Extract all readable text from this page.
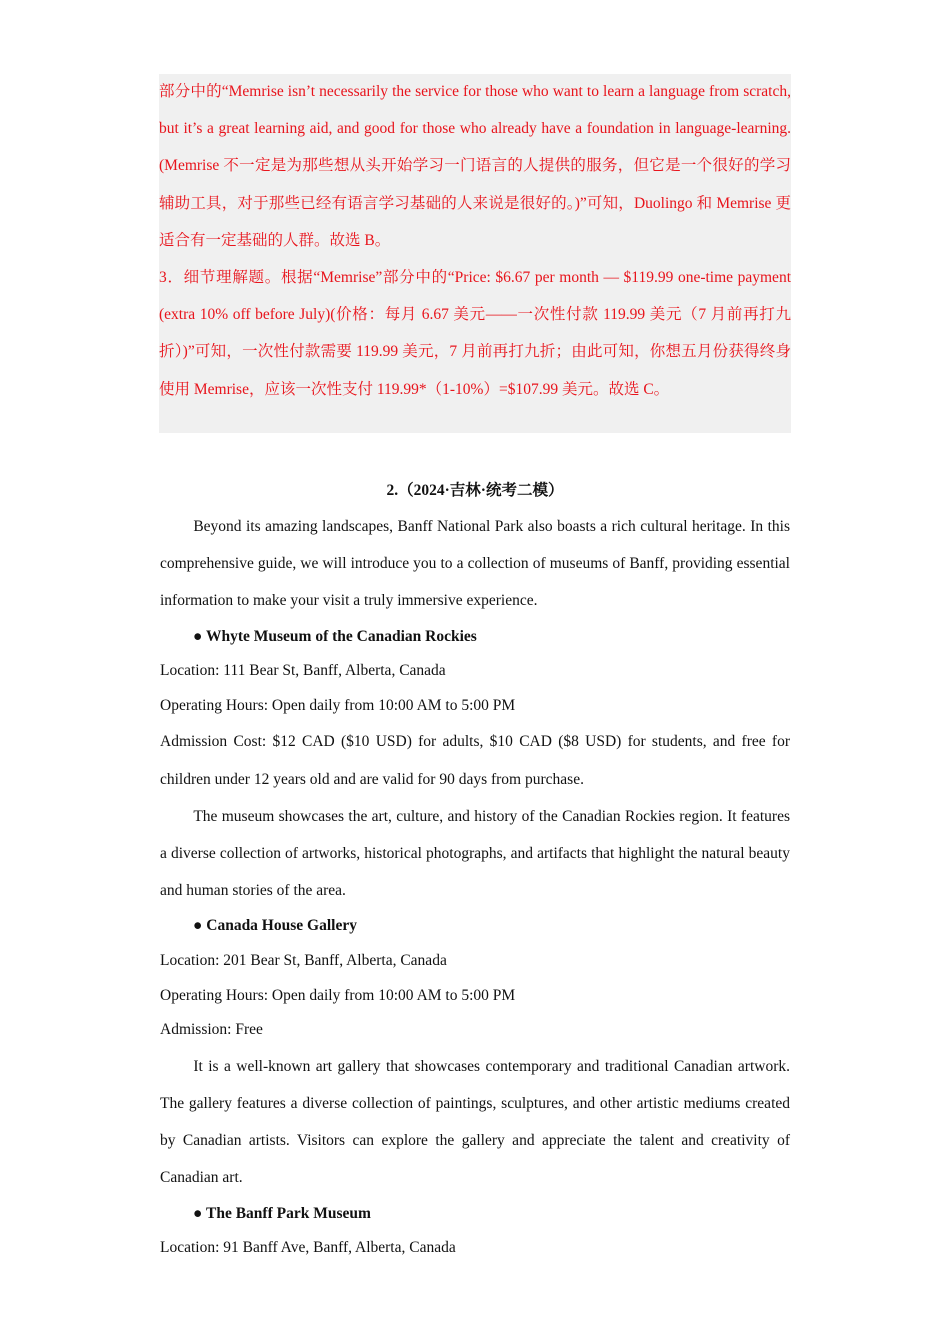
部分中的“Memrise isn’t necessarily the service for those who want to learn a language from scratch, but it’s a great learning aid, and good for those who already have a foundation in language-learning. (Memrise 不一定是为那些想从头开始学习一门语言的人提供的服务，但它是一个很好的学习辅助工具，对于那些已经有语言学习基础的人来说是很好的。)”可知，Duolingo 和 Memrise 更适合有一定基础的人群。故选 B。

3．细节理解题。根据“Memrise”部分中的“Price: $6.67 per month — $119.99 one-time payment (extra 10% off before July)(价格：每月 6.67 美元——一次性付款 119.99 美元（7 月前再打九折）)”可知，一次性付款需要 119.99 美元，7 月前再打九折；由此可知，你想五月份获得终身使用 Memrise，应该一次性支付 119.99*（1-10%）=$107.99 美元。故选 C。

2.（2024·吉林·统考二模）

Beyond its amazing landscapes, Banff National Park also boasts a rich cultural heritage. In this comprehensive guide, we will introduce you to a collection of museums of Banff, providing essential information to make your visit a truly immersive experience.

● Whyte Museum of the Canadian Rockies

Location: 111 Bear St, Banff, Alberta, Canada

Operating Hours: Open daily from 10:00 AM to 5:00 PM

Admission Cost: $12 CAD ($10 USD) for adults, $10 CAD ($8 USD) for students, and free for children under 12 years old and are valid for 90 days from purchase.

The museum showcases the art, culture, and history of the Canadian Rockies region. It features a diverse collection of artworks, historical photographs, and artifacts that highlight the natural beauty and human stories of the area.

● Canada House Gallery

Location: 201 Bear St, Banff, Alberta, Canada

Operating Hours: Open daily from 10:00 AM to 5:00 PM

Admission: Free

It is a well-known art gallery that showcases contemporary and traditional Canadian artwork. The gallery features a diverse collection of paintings, sculptures, and other artistic mediums created by Canadian artists. Visitors can explore the gallery and appreciate the talent and creativity of Canadian art.

● The Banff Park Museum

Location: 91 Banff Ave, Banff, Alberta, Canada
